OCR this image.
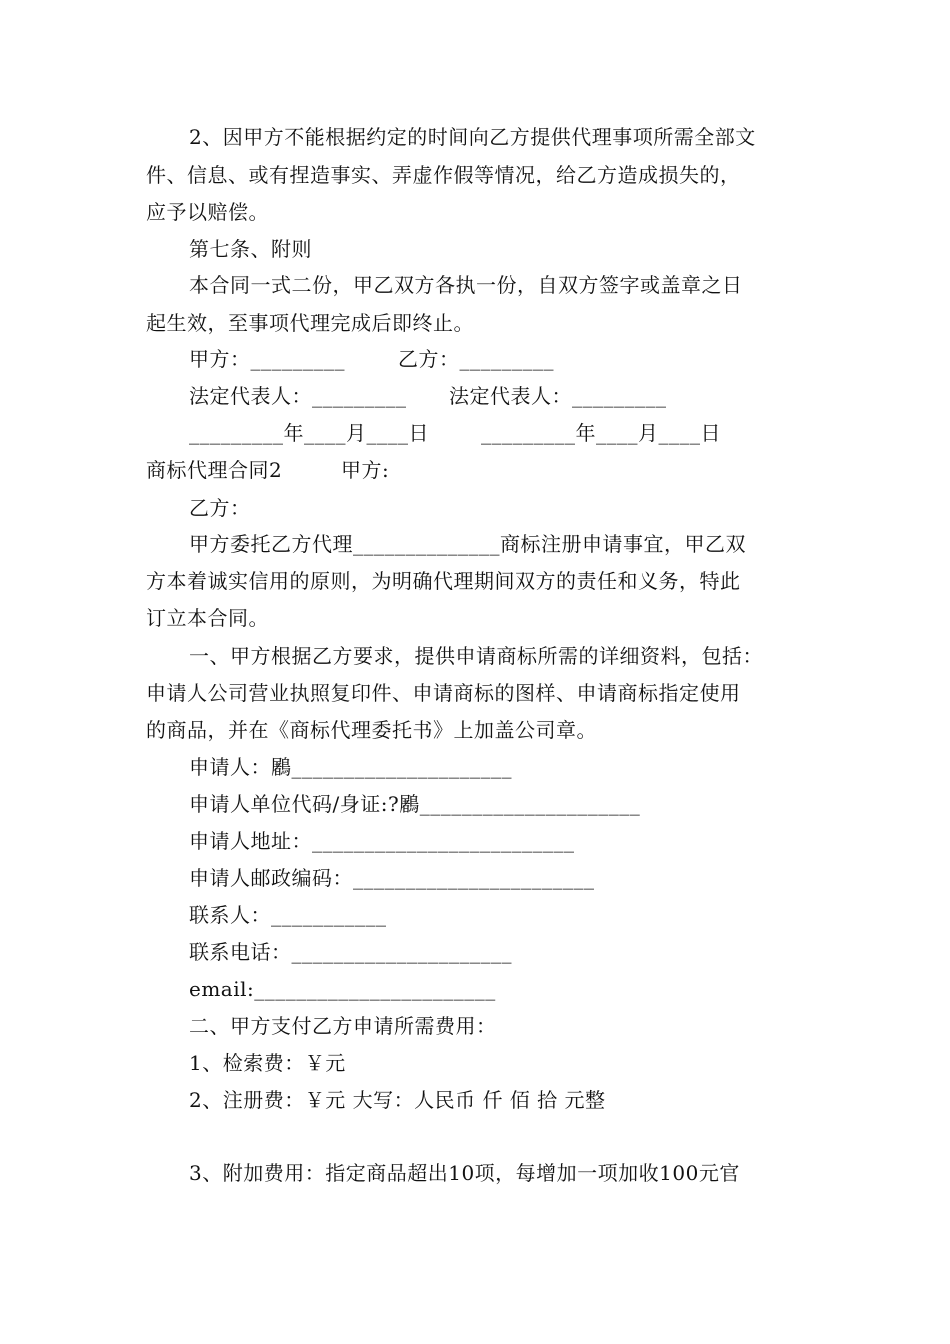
2、因甲方不能根据约定的时间向乙方提供代理事项所需全部文
件、信息、或有捏造事实、弄虚作假等情况，给乙方造成损失的，
应予以赔偿。
第七条、附则
本合同一式二份，甲乙双方各执一份，自双方签字或盖章之日
起生效，至事项代理完成后即终止。
甲方：_________	乙方：_________
法定代表人：_________ 法定代表人：_________
_________年____月____日	_________年____月____日
商标代理合同2	甲方:
乙方：
甲方委托乙方代理______________商标注册申请事宜，甲乙双
方本着诚实信用的原则，为明确代理期间双方的责任和义务，特此
订立本合同。
一、甲方根据乙方要求，提供申请商标所需的详细资料，包括：
申请人公司营业执照复印件、申请商标的图样、申请商标指定使用
的商品，并在《商标代理委托书》上加盖公司章。
申请人：鷵_____________________
申请人单位代码/身证:?鷵_____________________
申请人地址：_________________________
申请人邮政编码：_______________________
联系人：___________
联系电话：_____________________
email:_______________________
二、甲方支付乙方申请所需费用：
1、检索费：￥元
2、注册费：￥元 大写：人民币 仟 佰 拾 元整
3、附加费用：指定商品超出10项，每增加一项加收100元官
